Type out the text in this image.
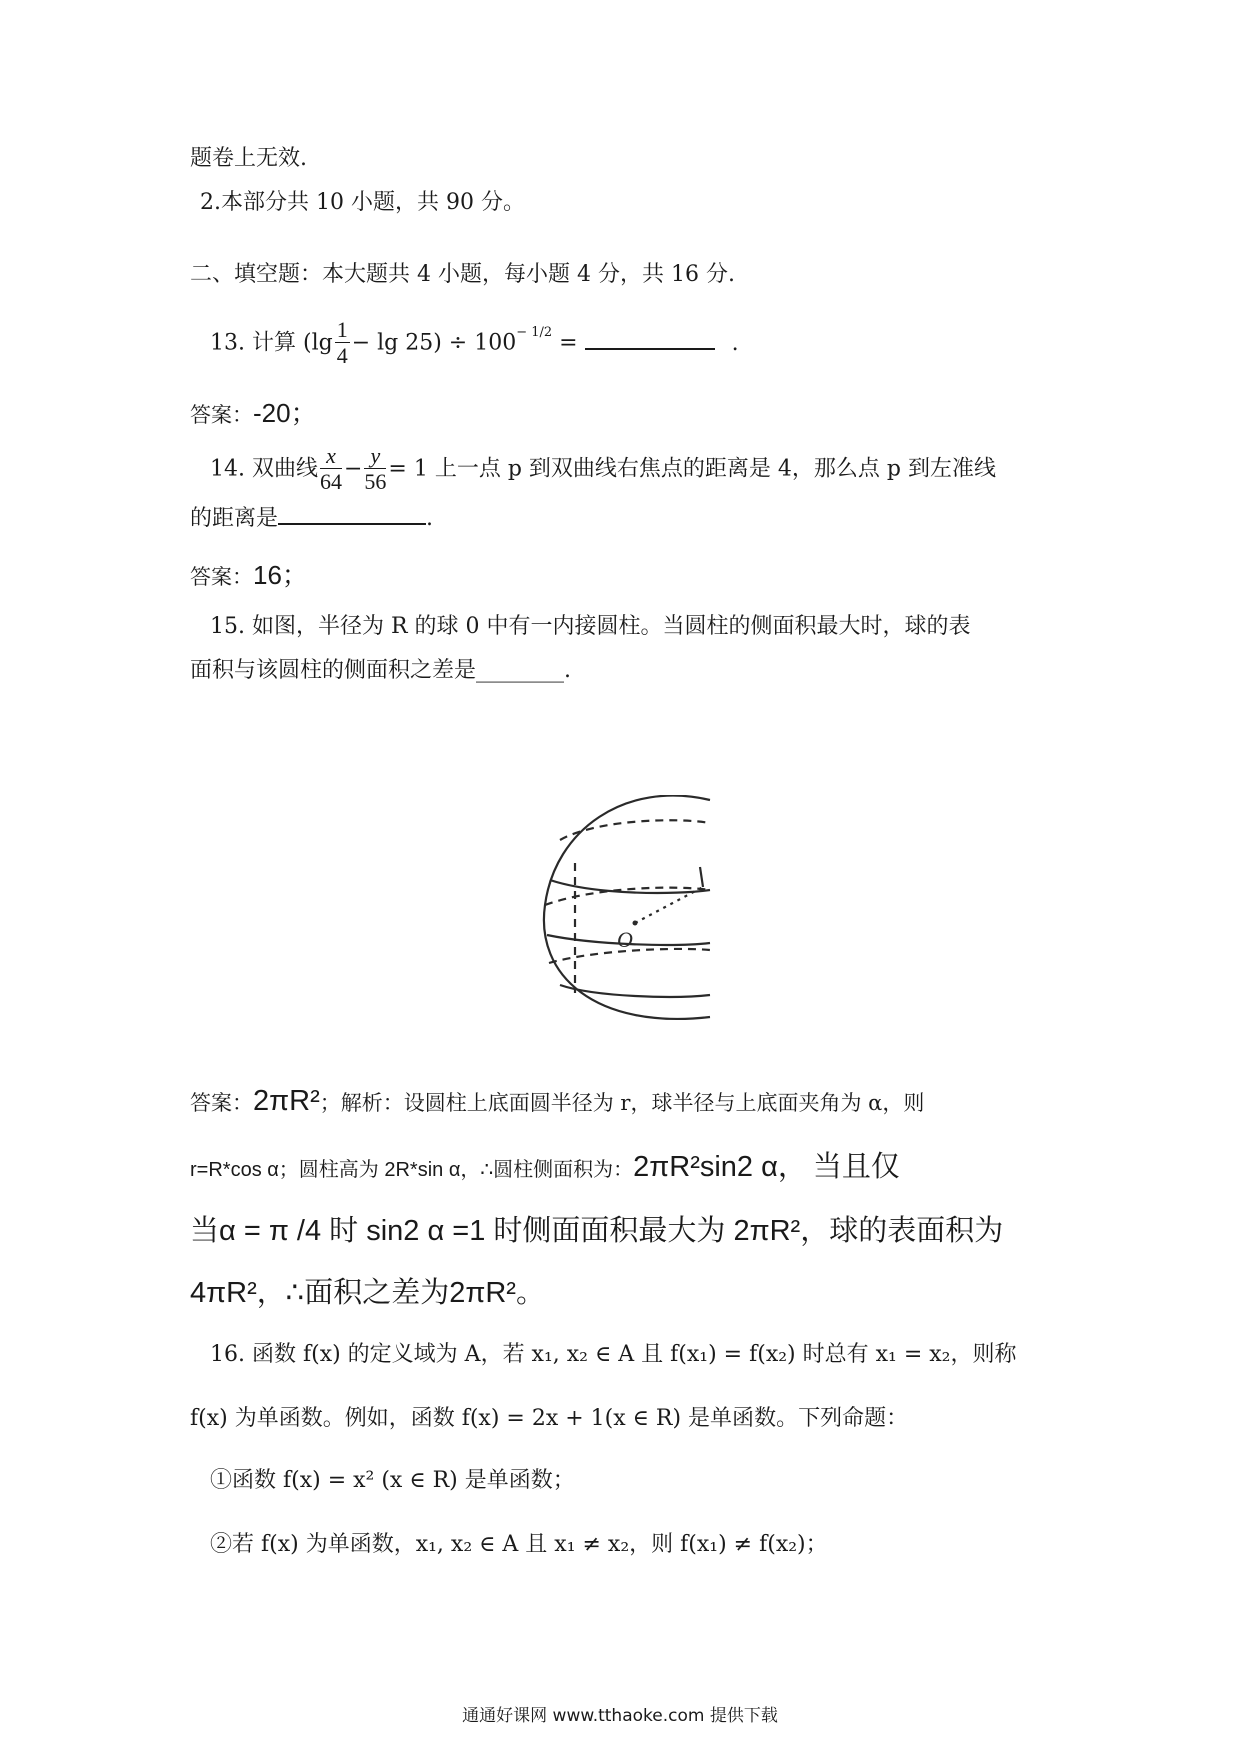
题卷上无效.
2.本部分共 10 小题，共 90 分。
二、填空题：本大题共 4 小题，每小题 4 分，共 16 分.
13. 计算 $(\lg \frac{1}{4} - \lg 25) \div 100^{- 1/2}$ =	.
答案：-20；
14. 双曲线 $\frac{x}{64} - \frac{y}{56} = 1$ 上一点 p 到双曲线右焦点的距离是 4，那么点 p 到左准线
的距离是	.
答案：16；
15. 如图，半径为 R 的球 0 中有一内接圆柱。当圆柱的侧面积最大时，球的表
面积与该圆柱的侧面积之差是________.
O
答案：2πR²；解析：设圆柱上底面圆半径为 r，球半径与上底面夹角为 α，则
r=R*cos α；圆柱高为 2R*sin α，∴圆柱侧面积为：2πR²sin2 α， 当且仅
当α = π /4 时 sin2 α =1 时侧面面积最大为 2πR²，球的表面积为
4πR²，∴面积之差为2πR²。
16. 函数 f(x) 的定义域为 A，若 x₁, x₂ ∈ A 且 f(x₁) = f(x₂) 时总有 x₁ = x₂，则称
f(x) 为单函数。例如，函数 f(x) = 2x + 1(x ∈ R) 是单函数。下列命题：
①函数 f(x) = x² (x ∈ R) 是单函数；
②若 f(x) 为单函数，x₁, x₂ ∈ A 且 x₁ ≠ x₂，则 f(x₁) ≠ f(x₂)；
通通好课网 www.tthaoke.com 提供下载
